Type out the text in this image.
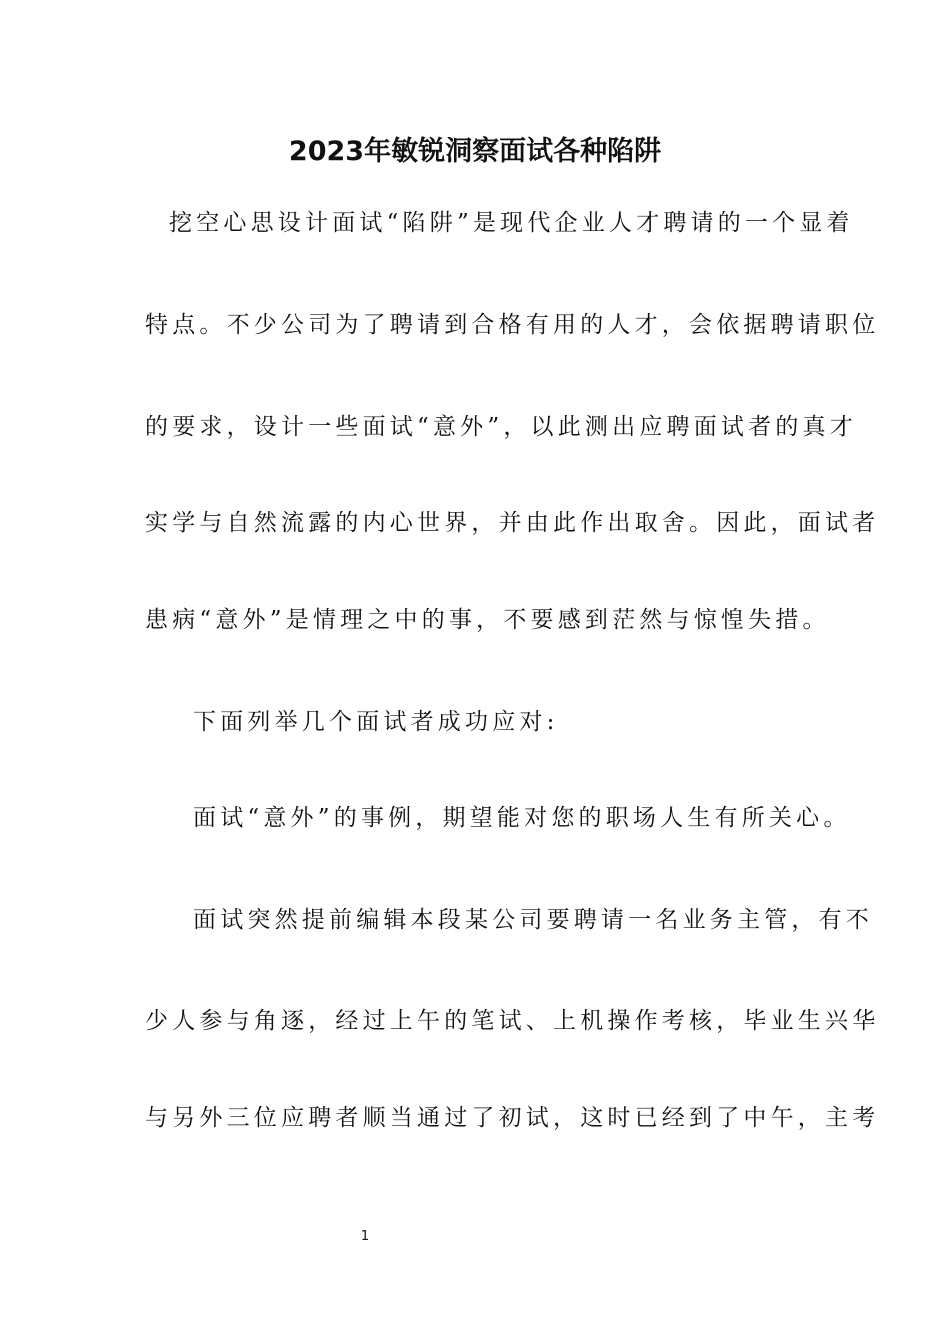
2023年敏锐洞察面试各种陷阱
挖空心思设计面试“陷阱”是现代企业人才聘请的一个显着
特点。不少公司为了聘请到合格有用的人才，会依据聘请职位
的要求，设计一些面试“意外”，以此测出应聘面试者的真才
实学与自然流露的内心世界，并由此作出取舍。因此，面试者
患病“意外”是情理之中的事，不要感到茫然与惊惶失措。
下面列举几个面试者成功应对:
面试“意外”的事例，期望能对您的职场人生有所关心。
面试突然提前编辑本段某公司要聘请一名业务主管，有不
少人参与角逐，经过上午的笔试、上机操作考核，毕业生兴华
与另外三位应聘者顺当通过了初试，这时已经到了中午，主考
1
